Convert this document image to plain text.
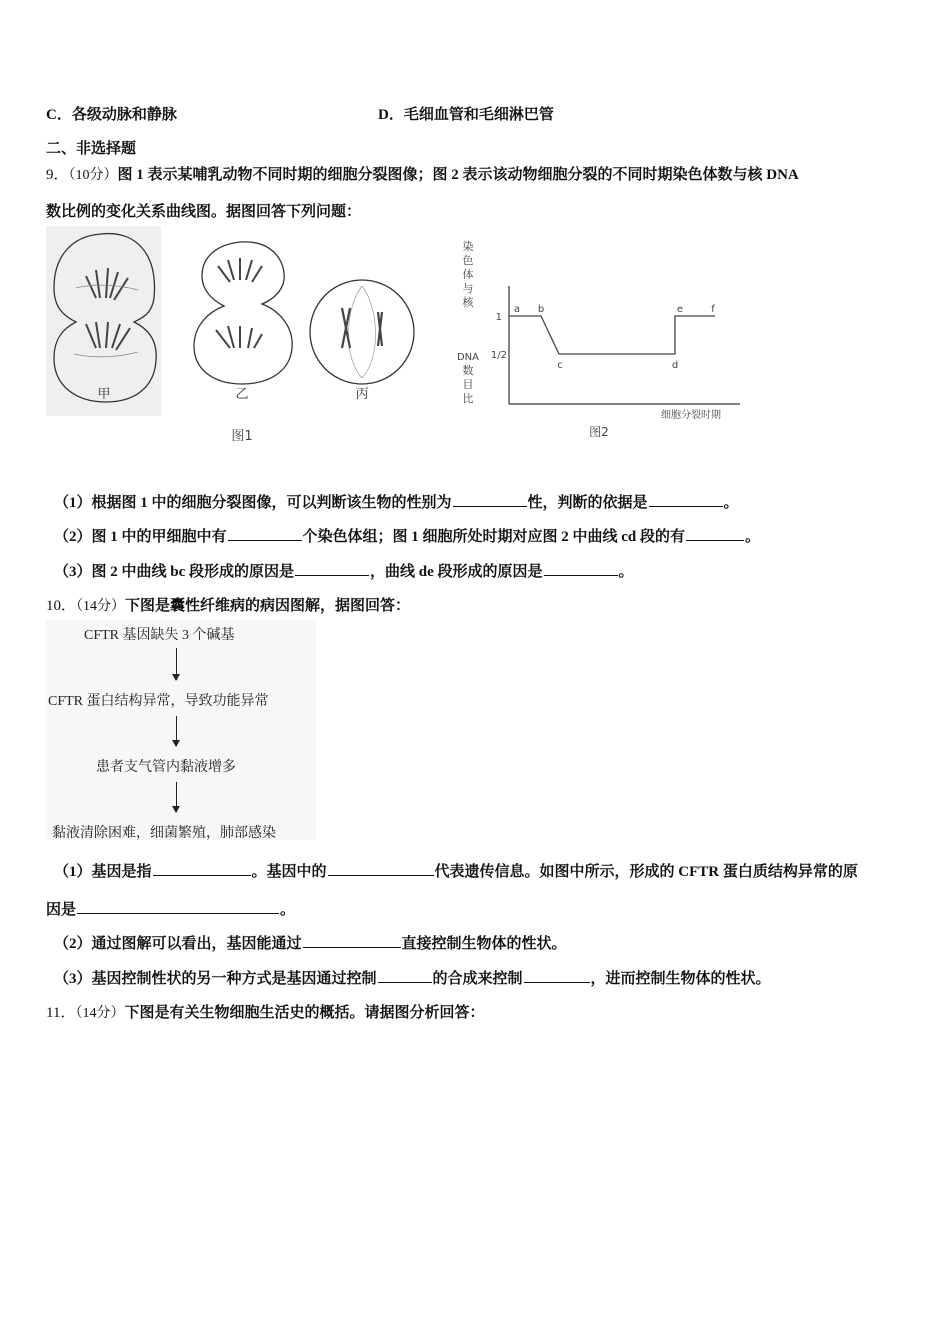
C．各级动脉和静脉	D．毛细血管和毛细淋巴管
二、非选择题
9．（10分）图 1 表示某哺乳动物不同时期的细胞分裂图像；图 2 表示该动物细胞分裂的不同时期染色体数与核 DNA
数比例的变化关系曲线图。据图回答下列问题：
甲	乙	丙
图1
染
色
体
与
核
DNA
数
目
比
1
1/2
a b
c	d
e	f
细胞分裂时期
图2
（1）根据图 1 中的细胞分裂图像，可以判断该生物的性别为	性，判断的依据是	。
（2）图 1 中的甲细胞中有	个染色体组；图 1 细胞所处时期对应图 2 中曲线 cd 段的有	。
（3）图 2 中曲线 bc 段形成的原因是	，曲线 de 段形成的原因是	。
10．（14分）下图是囊性纤维病的病因图解，据图回答：
CFTR 基因缺失 3 个碱基
CFTR 蛋白结构异常，导致功能异常
患者支气管内黏液增多
黏液清除困难，细菌繁殖，肺部感染
（1）基因是指	。基因中的	代表遗传信息。如图中所示，形成的 CFTR 蛋白质结构异常的原
因是	。
（2）通过图解可以看出，基因能通过	直接控制生物体的性状。
（3）基因控制性状的另一种方式是基因通过控制	的合成来控制	，进而控制生物体的性状。
11．（14分）下图是有关生物细胞生活史的概括。请据图分析回答：
